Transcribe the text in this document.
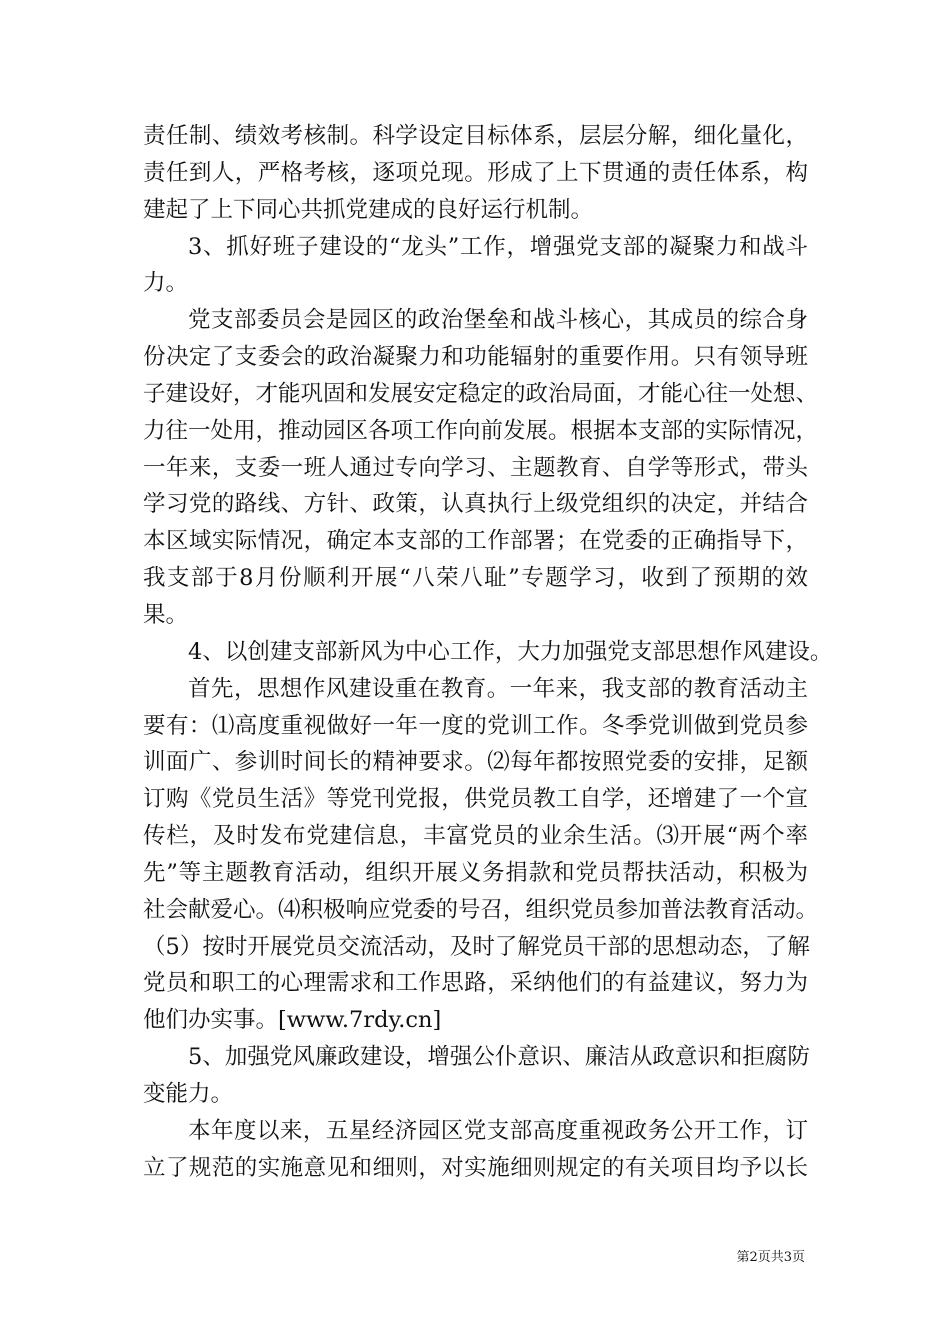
责任制、绩效考核制。科学设定目标体系，层层分解，细化量化，
责任到人，严格考核，逐项兑现。形成了上下贯通的责任体系，构
建起了上下同心共抓党建成的良好运行机制。
3、抓好班子建设的“龙头”工作，增强党支部的凝聚力和战斗
力。
党支部委员会是园区的政治堡垒和战斗核心，其成员的综合身
份决定了支委会的政治凝聚力和功能辐射的重要作用。只有领导班
子建设好，才能巩固和发展安定稳定的政治局面，才能心往一处想、
力往一处用，推动园区各项工作向前发展。根据本支部的实际情况，
一年来，支委一班人通过专向学习、主题教育、自学等形式，带头
学习党的路线、方针、政策，认真执行上级党组织的决定，并结合
本区域实际情况，确定本支部的工作部署；在党委的正确指导下，
我支部于8月份顺利开展“八荣八耻”专题学习，收到了预期的效
果。
4、以创建支部新风为中心工作，大力加强党支部思想作风建设。
首先，思想作风建设重在教育。一年来，我支部的教育活动主
要有：⑴高度重视做好一年一度的党训工作。冬季党训做到党员参
训面广、参训时间长的精神要求。⑵每年都按照党委的安排，足额
订购《党员生活》等党刊党报，供党员教工自学，还增建了一个宣
传栏，及时发布党建信息，丰富党员的业余生活。⑶开展“两个率
先”等主题教育活动，组织开展义务捐款和党员帮扶活动，积极为
社会献爱心。⑷积极响应党委的号召，组织党员参加普法教育活动。
（5）按时开展党员交流活动，及时了解党员干部的思想动态，了解
党员和职工的心理需求和工作思路，采纳他们的有益建议，努力为
他们办实事。[www.7rdy.cn]
5、加强党风廉政建设，增强公仆意识、廉洁从政意识和拒腐防
变能力。
本年度以来，五星经济园区党支部高度重视政务公开工作，订
立了规范的实施意见和细则，对实施细则规定的有关项目均予以长
第2页共3页
